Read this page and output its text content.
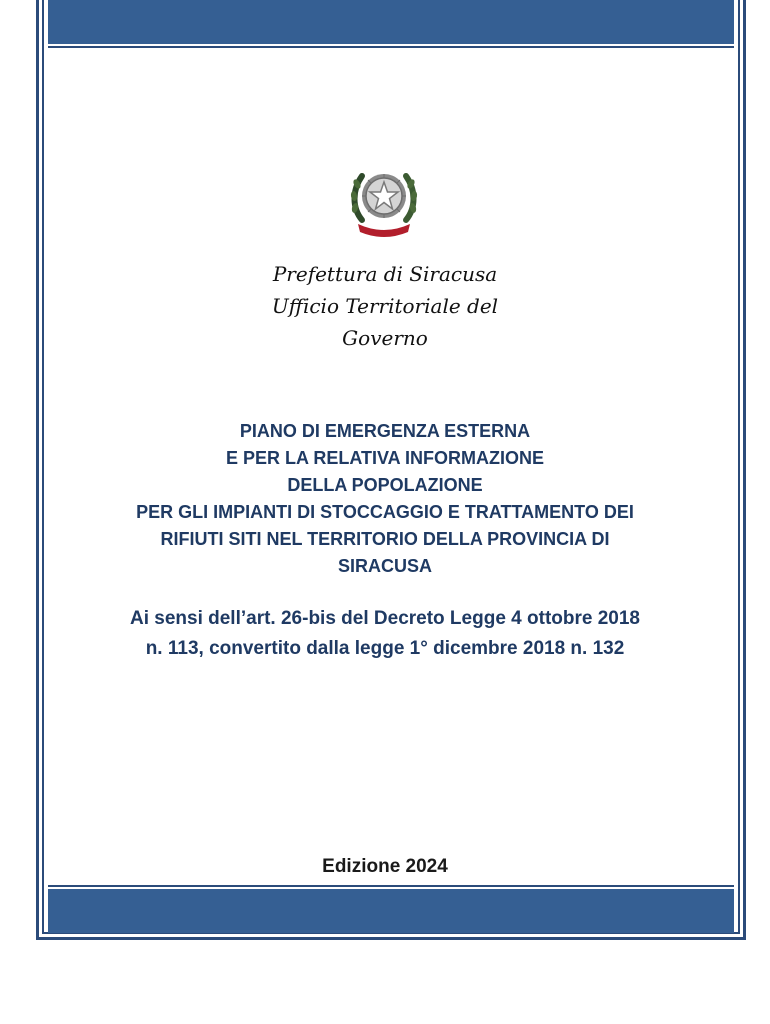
Prefettura di Siracusa
Ufficio Territoriale del
Governo
PIANO DI EMERGENZA ESTERNA
E PER LA RELATIVA INFORMAZIONE
DELLA POPOLAZIONE
PER GLI IMPIANTI DI STOCCAGGIO E TRATTAMENTO DEI
RIFIUTI SITI NEL TERRITORIO DELLA PROVINCIA DI
SIRACUSA
Ai sensi dell’art. 26-bis del Decreto Legge 4 ottobre 2018
n. 113, convertito dalla legge 1° dicembre 2018 n. 132
Edizione 2024
